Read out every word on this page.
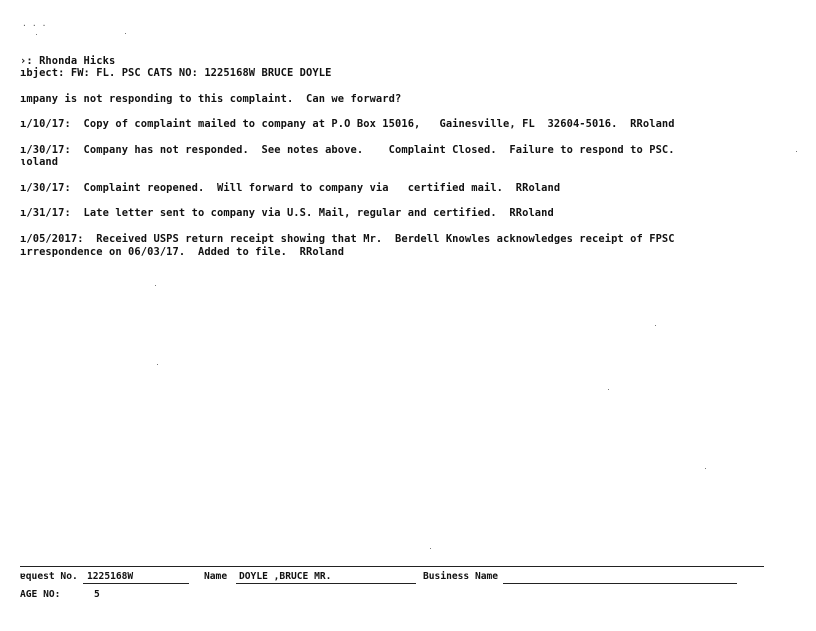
· · ·
›: Rhonda Hicks
ıbject: FW: FL. PSC CATS NO: 1225168W BRUCE DOYLE
ımpany is not responding to this complaint.  Can we forward?
ı/10/17:  Copy of complaint mailed to company at P.O Box 15016,   Gainesville, FL  32604-5016.  RRoland
ı/30/17:  Company has not responded.  See notes above.    Complaint Closed.  Failure to respond to PSC.
ιoland
ı/30/17:  Complaint reopened.  Will forward to company via   certified mail.  RRoland
ı/31/17:  Late letter sent to company via U.S. Mail, regular and certified.  RRoland
ı/05/2017:  Received USPS return receipt showing that Mr.  Berdell Knowles acknowledges receipt of FPSC
ırrespondence on 06/03/17.  Added to file.  RRoland
ɐquest No. 1225168W	Name DOYLE ,BRUCE MR.	Business Name
ΑGE NO:	5
